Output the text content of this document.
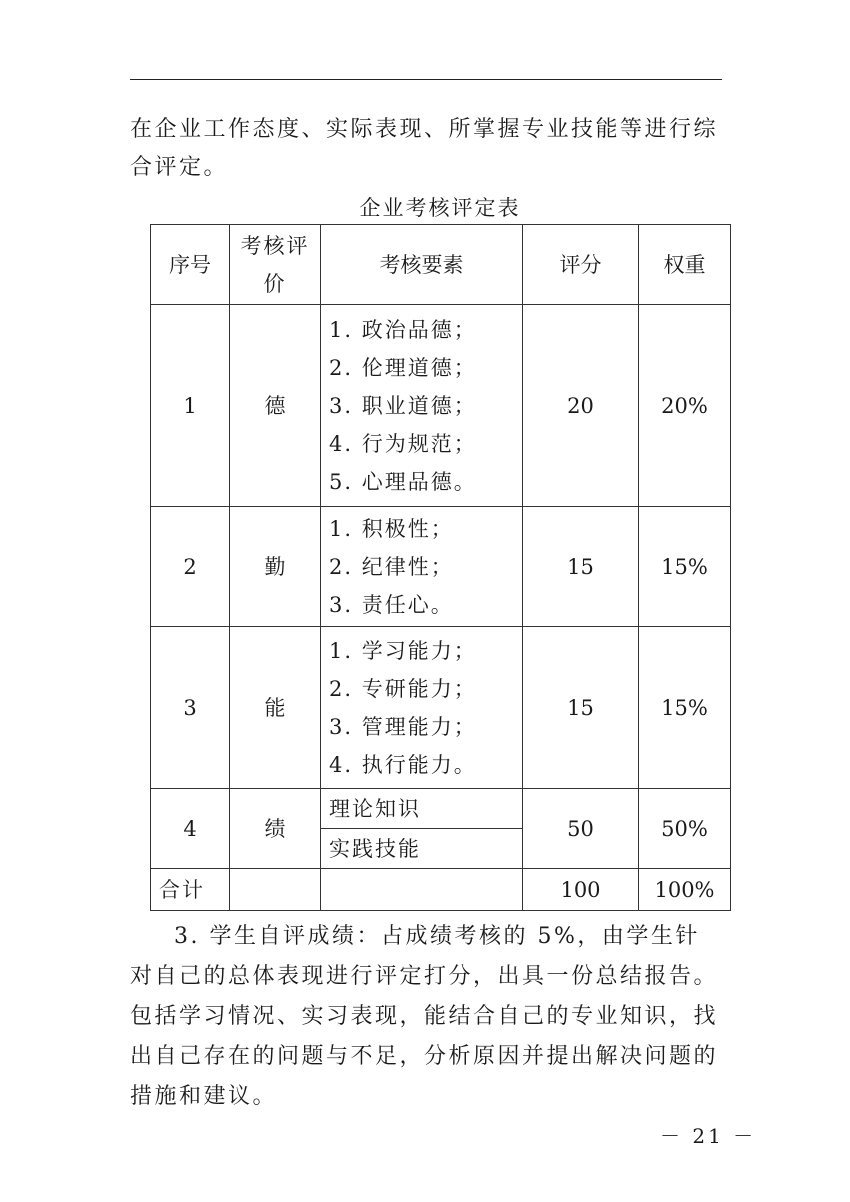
在企业工作态度、实际表现、所掌握专业技能等进行综合评定。

企业考核评定表
序号	考核评价	考核要素	评分	权重
1	德	1. 政治品德；
2. 伦理道德；
3. 职业道德；
4. 行为规范；
5. 心理品德。	20	20%
2	勤	1. 积极性；
2. 纪律性；
3. 责任心。	15	15%
3	能	1. 学习能力；
2. 专研能力；
3. 管理能力；
4. 执行能力。	15	15%
4	绩	理论知识	50	50%
		实践技能		
合计			100	100%

3. 学生自评成绩：占成绩考核的 5%，由学生针对自己的总体表现进行评定打分，出具一份总结报告。包括学习情况、实习表现，能结合自己的专业知识，找出自己存在的问题与不足，分析原因并提出解决问题的措施和建议。

－ 21 －
